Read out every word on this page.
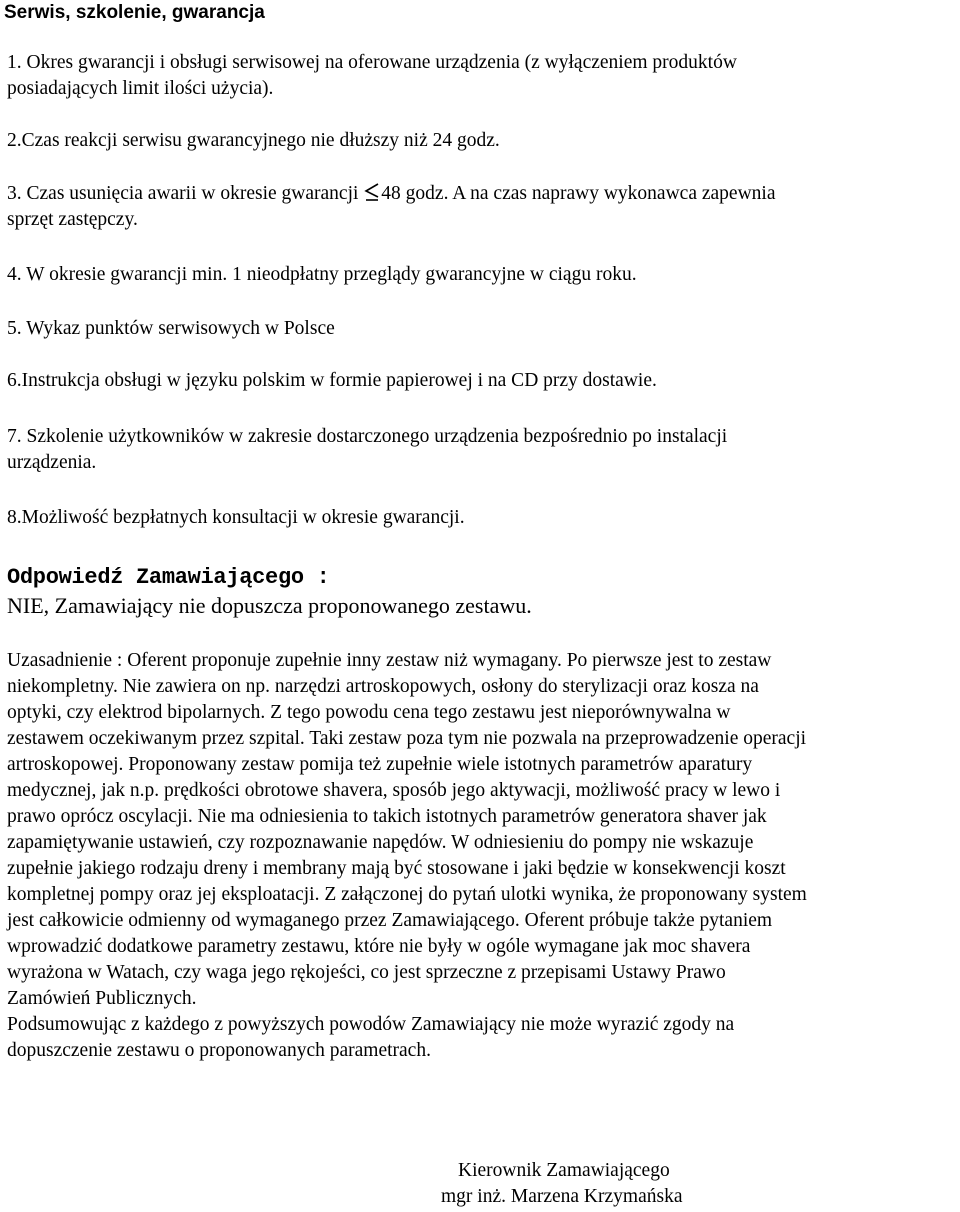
Serwis, szkolenie, gwarancja
1. Okres gwarancji i obsługi serwisowej na oferowane urządzenia (z wyłączeniem produktów
posiadających limit ilości użycia).
2.Czas reakcji serwisu gwarancyjnego nie dłuższy niż 24 godz.
3. Czas usunięcia awarii w okresie gwarancji
48 godz. A na czas naprawy wykonawca zapewnia
sprzęt zastępczy.
4. W okresie gwarancji min. 1 nieodpłatny przeglądy gwarancyjne w ciągu roku.
5. Wykaz punktów serwisowych w Polsce
6.Instrukcja obsługi w języku polskim w formie papierowej i na CD przy dostawie.
7. Szkolenie użytkowników w zakresie dostarczonego urządzenia bezpośrednio po instalacji
urządzenia.
8.Możliwość bezpłatnych konsultacji w okresie gwarancji.
Odpowiedź Zamawiającego :
NIE, Zamawiający nie dopuszcza proponowanego zestawu.
Uzasadnienie : Oferent proponuje zupełnie inny zestaw niż wymagany. Po pierwsze jest to zestaw
niekompletny. Nie zawiera on np. narzędzi artroskopowych, osłony do sterylizacji oraz kosza na
optyki, czy elektrod bipolarnych. Z tego powodu cena tego zestawu jest nieporównywalna w
zestawem oczekiwanym przez szpital. Taki zestaw poza tym nie pozwala na przeprowadzenie operacji
artroskopowej. Proponowany zestaw pomija też zupełnie wiele istotnych parametrów aparatury
medycznej, jak n.p. prędkości obrotowe shavera, sposób jego aktywacji, możliwość pracy w lewo i
prawo oprócz oscylacji. Nie ma odniesienia to takich istotnych parametrów generatora shaver jak
zapamiętywanie ustawień, czy rozpoznawanie napędów. W odniesieniu do pompy nie wskazuje
zupełnie jakiego rodzaju dreny i membrany mają być stosowane i jaki będzie w konsekwencji koszt
kompletnej pompy oraz jej eksploatacji. Z załączonej do pytań ulotki wynika, że proponowany system
jest całkowicie odmienny od wymaganego przez Zamawiającego. Oferent próbuje także pytaniem
wprowadzić dodatkowe parametry zestawu, które nie były w ogóle wymagane jak moc shavera
wyrażona w Watach, czy waga jego rękojeści, co jest sprzeczne z przepisami Ustawy Prawo
Zamówień Publicznych.
Podsumowując z każdego z powyższych powodów Zamawiający nie może wyrazić zgody na
dopuszczenie zestawu o proponowanych parametrach.
Kierownik Zamawiającego
mgr inż. Marzena Krzymańska
